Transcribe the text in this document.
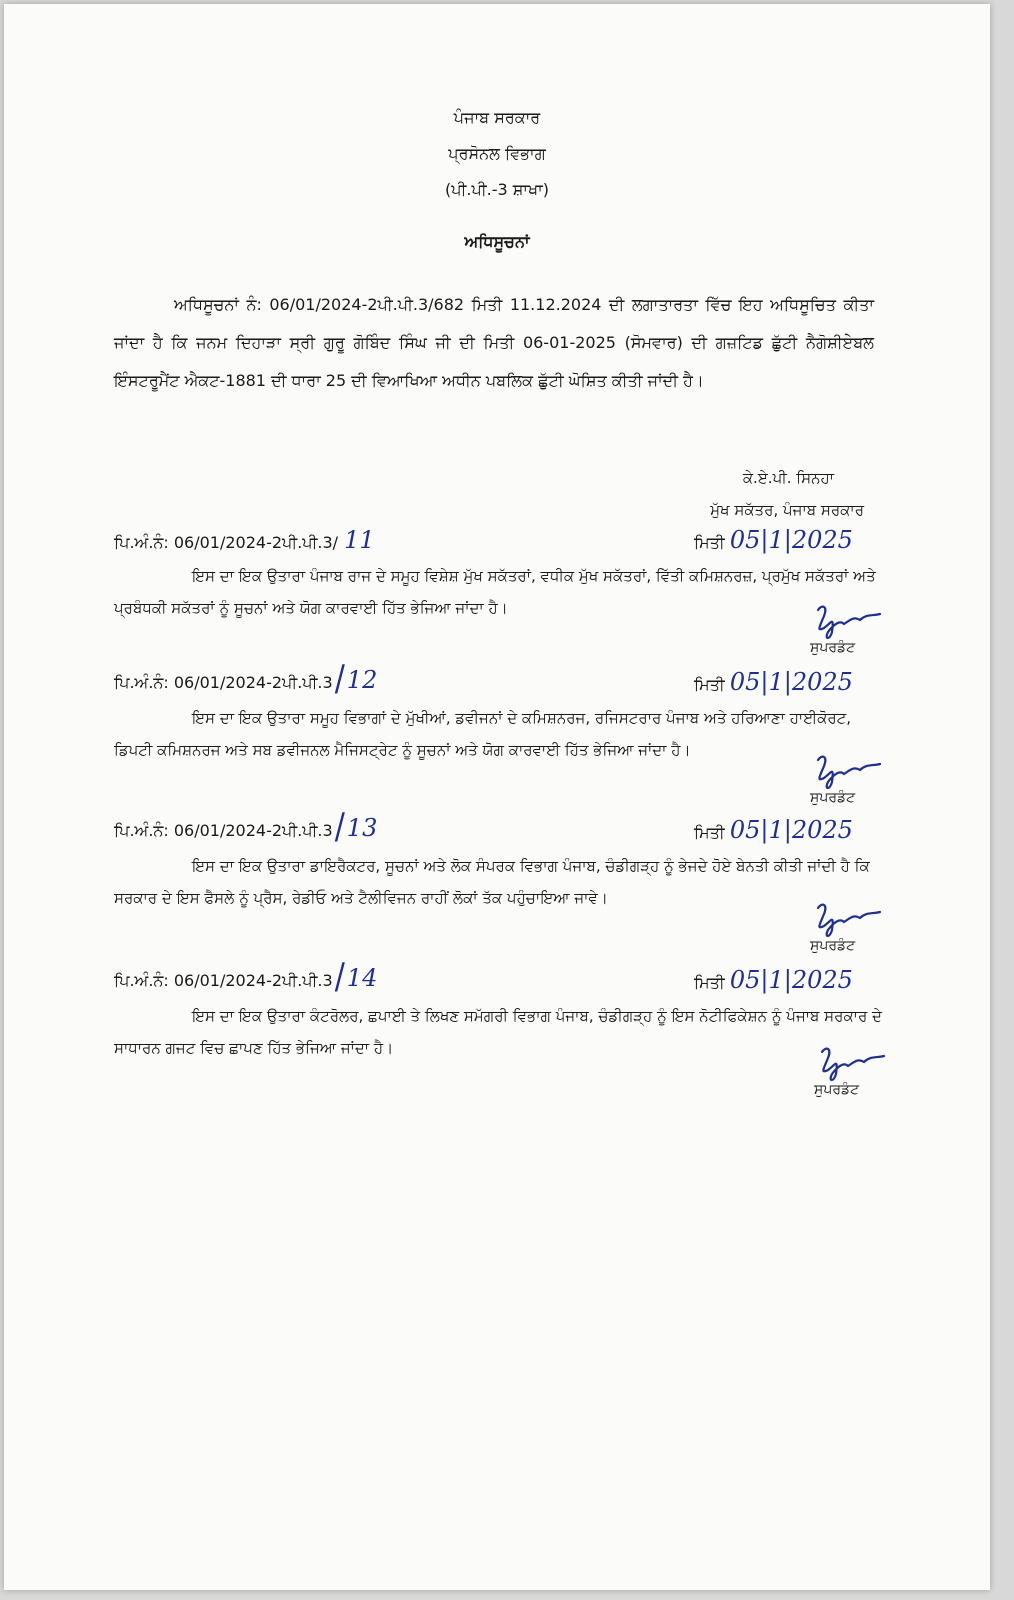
ਪੰਜਾਬ ਸਰਕਾਰ
ਪ੍ਰਸੋਨਲ ਵਿਭਾਗ
(ਪੀ.ਪੀ.-3 ਸ਼ਾਖਾ)
ਅਧਿਸੂਚਨਾਂ
ਅਧਿਸੂਚਨਾਂ ਨੰ: 06/01/2024-2ਪੀ.ਪੀ.3/682 ਮਿਤੀ 11.12.2024 ਦੀ ਲਗਾਤਾਰਤਾ ਵਿੱਚ ਇਹ ਅਧਿਸੂਚਿਤ ਕੀਤਾ ਜਾਂਦਾ ਹੈ ਕਿ ਜਨਮ ਦਿਹਾੜਾ ਸ੍ਰੀ ਗੁਰੂ ਗੋਬਿੰਦ ਸਿੰਘ ਜੀ ਦੀ ਮਿਤੀ 06-01-2025 (ਸੋਮਵਾਰ) ਦੀ ਗਜ਼ਟਿਡ ਛੁੱਟੀ ਨੈਗੋਸ਼ੀਏਬਲ ਇੰਸਟਰੂਮੈਂਟ ਐਕਟ-1881 ਦੀ ਧਾਰਾ 25 ਦੀ ਵਿਆਖਿਆ ਅਧੀਨ ਪਬਲਿਕ ਛੁੱਟੀ ਘੋਸ਼ਿਤ ਕੀਤੀ ਜਾਂਦੀ ਹੈ।
ਕੇ.ਏ.ਪੀ. ਸਿਨਹਾ
ਮੁੱਖ ਸਕੱਤਰ, ਪੰਜਾਬ ਸਰਕਾਰ
ਪਿ.ਅੰ.ਨੰ: 06/01/2024-2ਪੀ.ਪੀ.3/ 11	ਮਿਤੀ 05|1|2025
ਇਸ ਦਾ ਇਕ ਉਤਾਰਾ ਪੰਜਾਬ ਰਾਜ ਦੇ ਸਮੂਹ ਵਿਸ਼ੇਸ਼ ਮੁੱਖ ਸਕੱਤਰਾਂ, ਵਧੀਕ ਮੁੱਖ ਸਕੱਤਰਾਂ, ਵਿੱਤੀ ਕਮਿਸ਼ਨਰਜ਼, ਪ੍ਰਮੁੱਖ ਸਕੱਤਰਾਂ ਅਤੇ ਪ੍ਰਬੰਧਕੀ ਸਕੱਤਰਾਂ ਨੂੰ ਸੂਚਨਾਂ ਅਤੇ ਯੋਗ ਕਾਰਵਾਈ ਹਿੱਤ ਭੇਜਿਆ ਜਾਂਦਾ ਹੈ।
ਸੁਪਰਡੰਟ
ਪਿ.ਅੰ.ਨੰ: 06/01/2024-2ਪੀ.ਪੀ.3/12	ਮਿਤੀ 05|1|2025
ਇਸ ਦਾ ਇਕ ਉਤਾਰਾ ਸਮੂਹ ਵਿਭਾਗਾਂ ਦੇ ਮੁੱਖੀਆਂ, ਡਵੀਜਨਾਂ ਦੇ ਕਮਿਸ਼ਨਰਜ, ਰਜਿਸਟਰਾਰ ਪੰਜਾਬ ਅਤੇ ਹਰਿਆਣਾ ਹਾਈਕੋਰਟ, ਡਿਪਟੀ ਕਮਿਸ਼ਨਰਜ ਅਤੇ ਸਬ ਡਵੀਜਨਲ ਮੈਜਿਸਟ੍ਰੇਟ ਨੂੰ ਸੂਚਨਾਂ ਅਤੇ ਯੋਗ ਕਾਰਵਾਈ ਹਿੱਤ ਭੇਜਿਆ ਜਾਂਦਾ ਹੈ।
ਸੁਪਰਡੰਟ
ਪਿ.ਅੰ.ਨੰ: 06/01/2024-2ਪੀ.ਪੀ.3/13	ਮਿਤੀ 05|1|2025
ਇਸ ਦਾ ਇਕ ਉਤਾਰਾ ਡਾਇਰੈਕਟਰ, ਸੂਚਨਾਂ ਅਤੇ ਲੋਕ ਸੰਪਰਕ ਵਿਭਾਗ ਪੰਜਾਬ, ਚੰਡੀਗੜ੍ਹ ਨੂੰ ਭੇਜਦੇ ਹੋਏ ਬੇਨਤੀ ਕੀਤੀ ਜਾਂਦੀ ਹੈ ਕਿ ਸਰਕਾਰ ਦੇ ਇਸ ਫੈਸਲੇ ਨੂੰ ਪ੍ਰੈਸ, ਰੇਡੀਓ ਅਤੇ ਟੈਲੀਵਿਜਨ ਰਾਹੀਂ ਲੋਕਾਂ ਤੱਕ ਪਹੁੰਚਾਇਆ ਜਾਵੇ।
ਸੁਪਰਡੰਟ
ਪਿ.ਅੰ.ਨੰ: 06/01/2024-2ਪੀ.ਪੀ.3/14	ਮਿਤੀ 05|1|2025
ਇਸ ਦਾ ਇਕ ਉਤਾਰਾ ਕੰਟਰੋਲਰ, ਛਪਾਈ ਤੇ ਲਿਖਣ ਸਮੱਗਰੀ ਵਿਭਾਗ ਪੰਜਾਬ, ਚੰਡੀਗੜ੍ਹ ਨੂੰ ਇਸ ਨੋਟੀਫਿਕੇਸ਼ਨ ਨੂੰ ਪੰਜਾਬ ਸਰਕਾਰ ਦੇ ਸਾਧਾਰਨ ਗਜਟ ਵਿਚ ਛਾਪਣ ਹਿੱਤ ਭੇਜਿਆ ਜਾਂਦਾ ਹੈ।
ਸੁਪਰਡੰਟ
